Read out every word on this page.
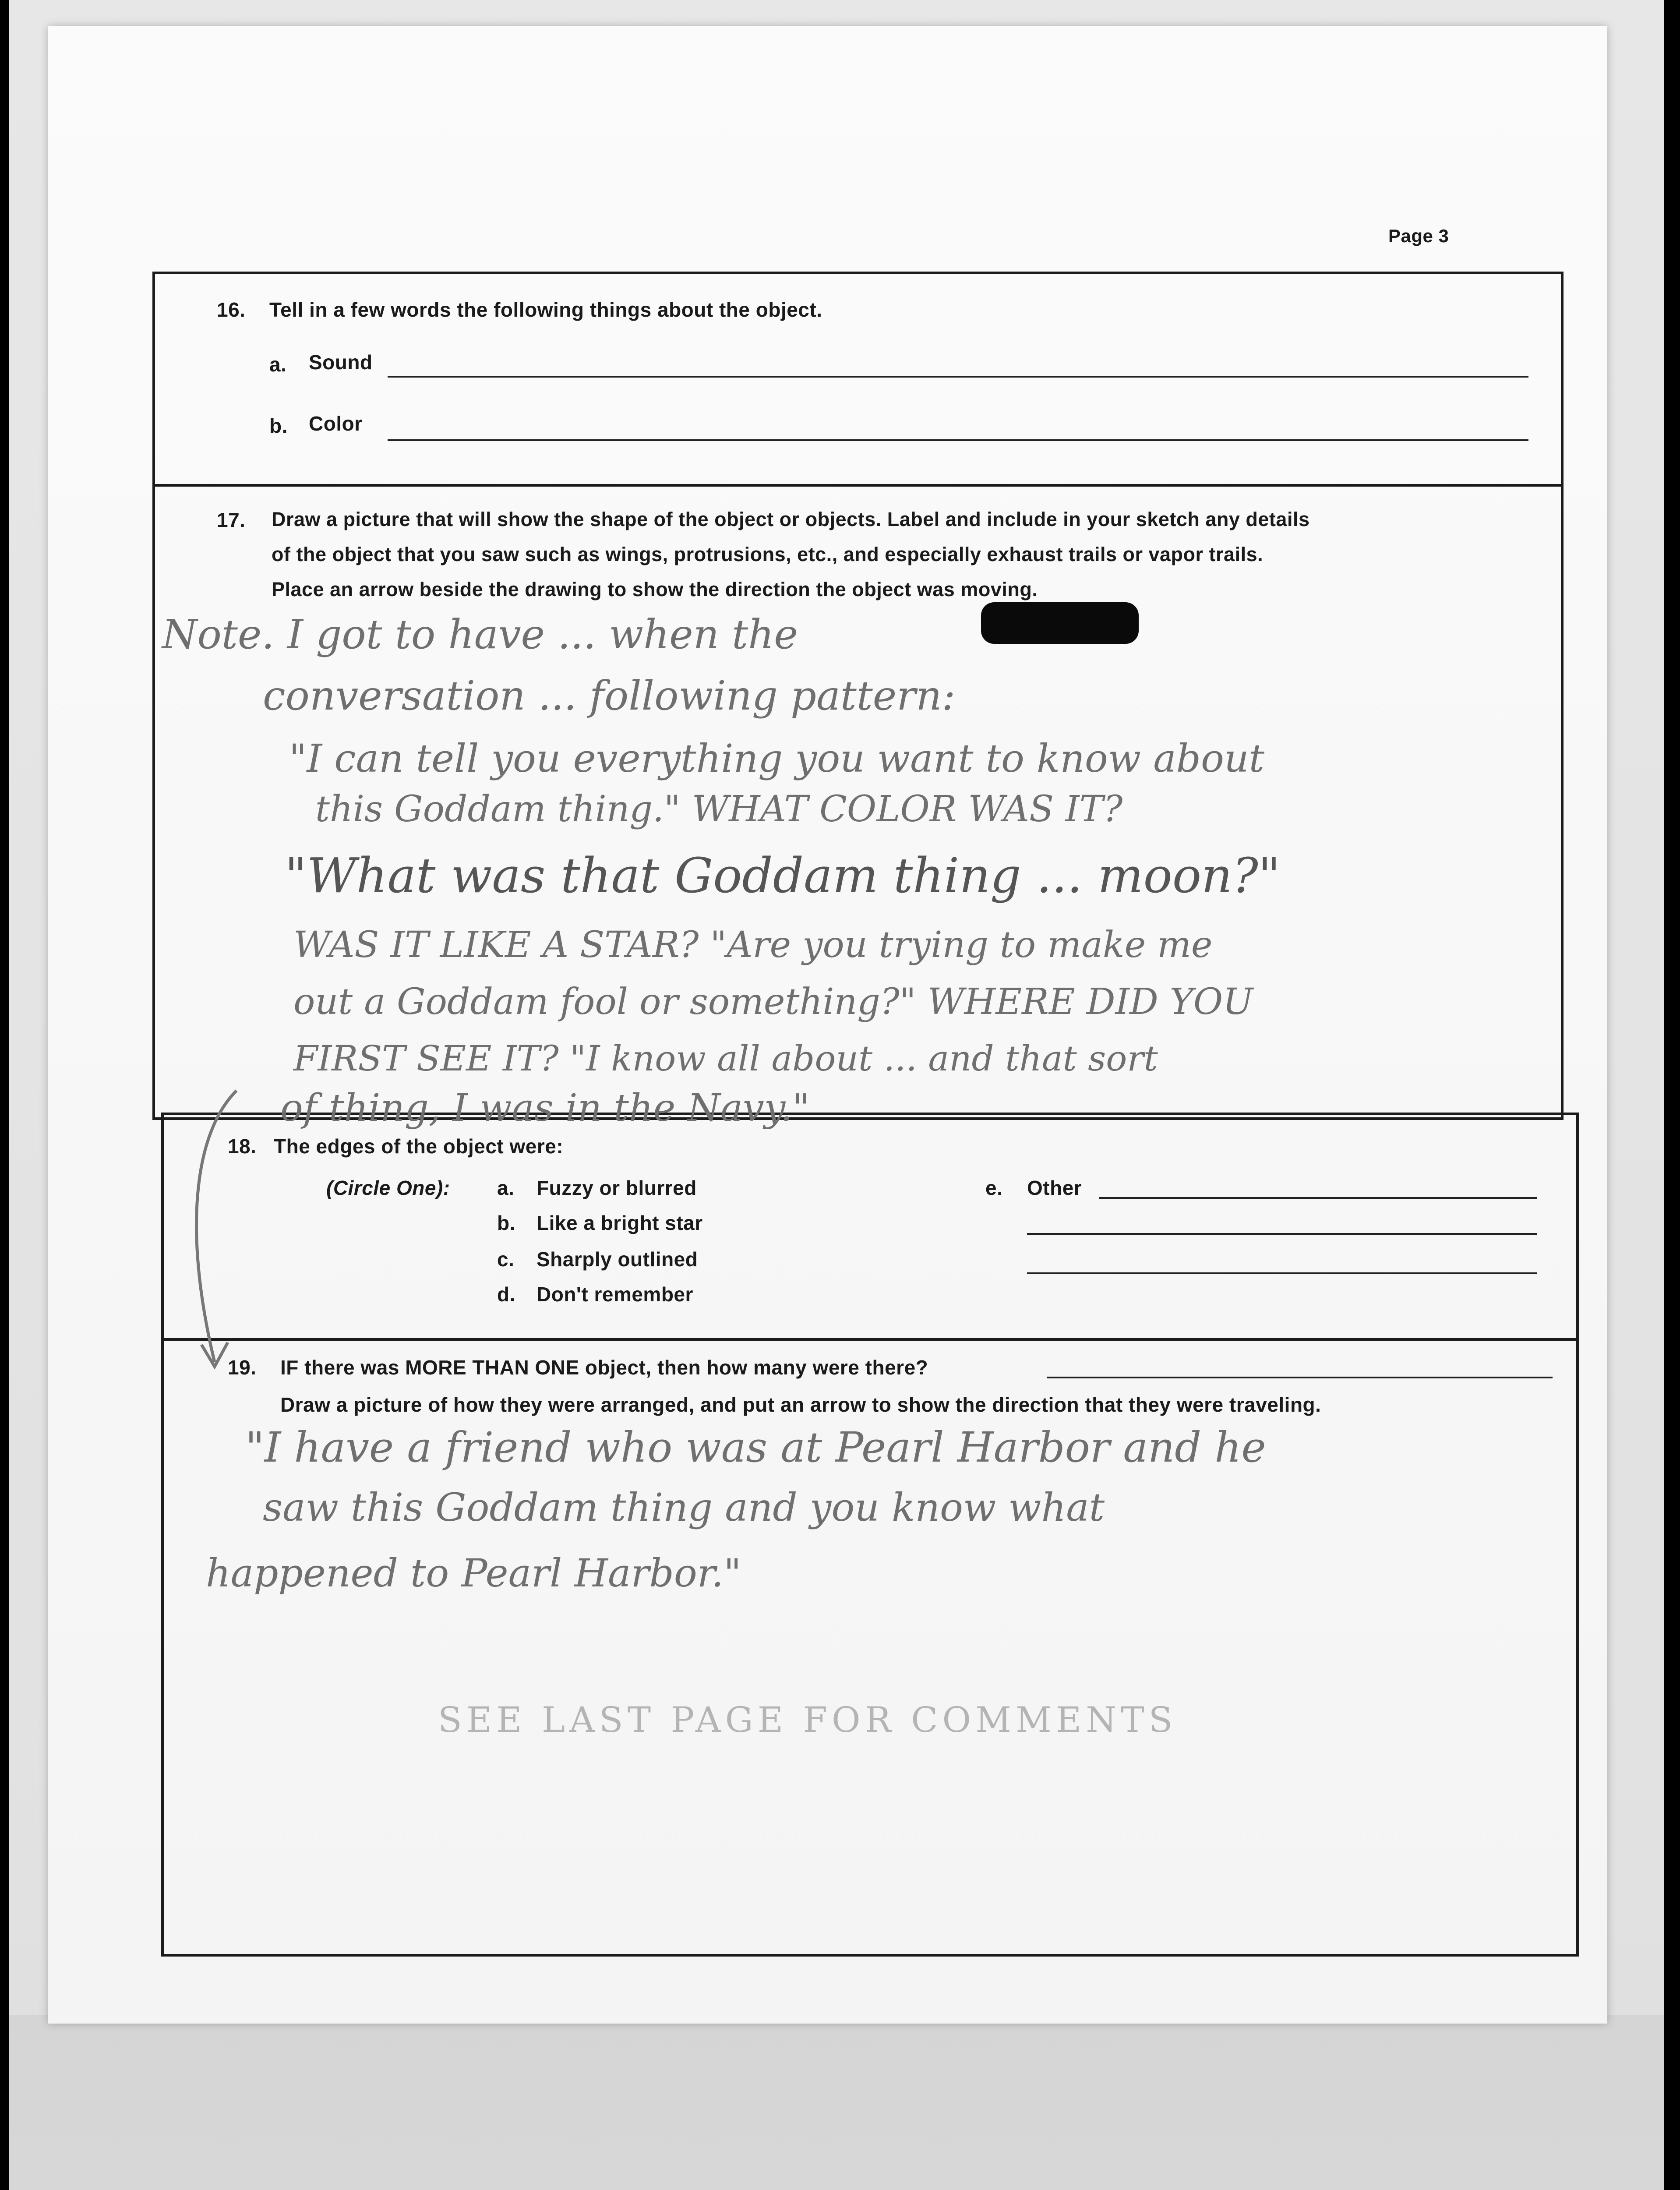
Page 3
16. Tell in a few words the following things about the object.
a. Sound
b. Color
17. Draw a picture that will show the shape of the object or objects. Label and include in your sketch any details
of the object that you saw such as wings, protrusions, etc., and especially exhaust trails or vapor trails.
Place an arrow beside the drawing to show the direction the object was moving.
Note. I got to have ... when the
conversation ... following pattern:
"I can tell you everything you want to know about
this Goddam thing." WHAT COLOR WAS IT?
"What was that Goddam thing ... moon?"
WAS IT LIKE A STAR? "Are you trying to make me
out a Goddam fool or something?" WHERE DID YOU
FIRST SEE IT? "I know all about ... and that sort
of thing, I was in the Navy."
18. The edges of the object were:
(Circle One): a. Fuzzy or blurred
b. Like a bright star
c. Sharply outlined
d. Don't remember
e. Other
19. IF there was MORE THAN ONE object, then how many were there?
Draw a picture of how they were arranged, and put an arrow to show the direction that they were traveling.
"I have a friend who was at Pearl Harbor and he
saw this Goddam thing and you know what
happened to Pearl Harbor."
SEE LAST PAGE FOR COMMENTS
